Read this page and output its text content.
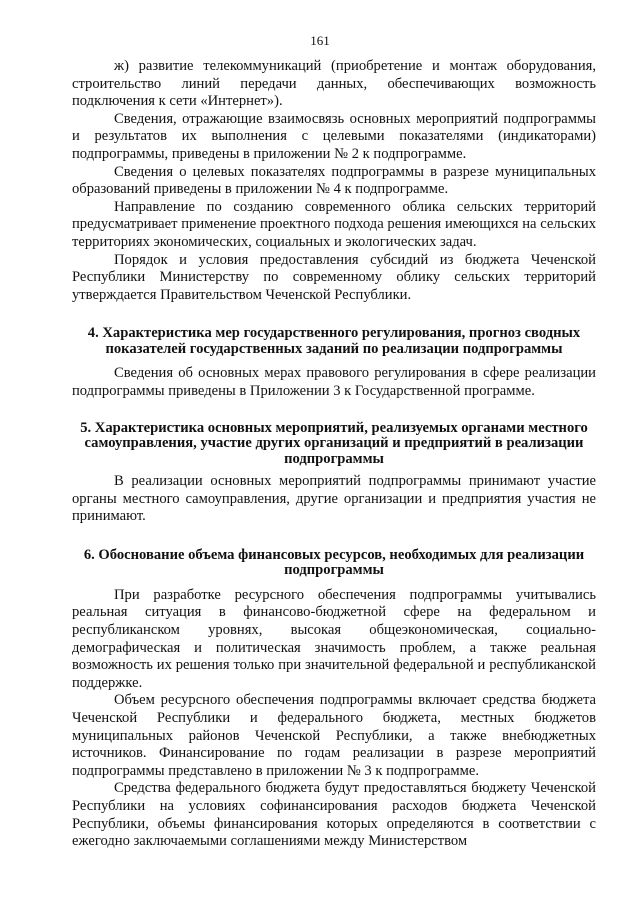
161

ж) развитие телекоммуникаций (приобретение и монтаж оборудования, строительство линий передачи данных, обеспечивающих возможность подключения к сети «Интернет»).

Сведения, отражающие взаимосвязь основных мероприятий подпрограммы и результатов их выполнения с целевыми показателями (индикаторами) подпрограммы, приведены в приложении № 2 к подпрограмме.

Сведения о целевых показателях подпрограммы в разрезе муниципальных образований приведены в приложении № 4 к подпрограмме.

Направление по созданию современного облика сельских территорий предусматривает применение проектного подхода решения имеющихся на сельских территориях экономических, социальных и экологических задач.

Порядок и условия предоставления субсидий из бюджета Чеченской Республики Министерству по современному облику сельских территорий утверждается Правительством Чеченской Республики.

4. Характеристика мер государственного регулирования, прогноз сводных показателей государственных заданий по реализации подпрограммы

Сведения об основных мерах правового регулирования в сфере реализации подпрограммы приведены в Приложении 3 к Государственной программе.

5. Характеристика основных мероприятий, реализуемых органами местного самоуправления, участие других организаций и предприятий в реализации подпрограммы

В реализации основных мероприятий подпрограммы принимают участие органы местного самоуправления, другие организации и предприятия участия не принимают.

6. Обоснование объема финансовых ресурсов, необходимых для реализации подпрограммы

При разработке ресурсного обеспечения подпрограммы учитывались реальная ситуация в финансово-бюджетной сфере на федеральном и республиканском уровнях, высокая общеэкономическая, социально-демографическая и политическая значимость проблем, а также реальная возможность их решения только при значительной федеральной и республиканской поддержке.

Объем ресурсного обеспечения подпрограммы включает средства бюджета Чеченской Республики и федерального бюджета, местных бюджетов муниципальных районов Чеченской Республики, а также внебюджетных источников. Финансирование по годам реализации в разрезе мероприятий подпрограммы представлено в приложении № 3 к подпрограмме.

Средства федерального бюджета будут предоставляться бюджету Чеченской Республики на условиях софинансирования расходов бюджета Чеченской Республики, объемы финансирования которых определяются в соответствии с ежегодно заключаемыми соглашениями между Министерством
